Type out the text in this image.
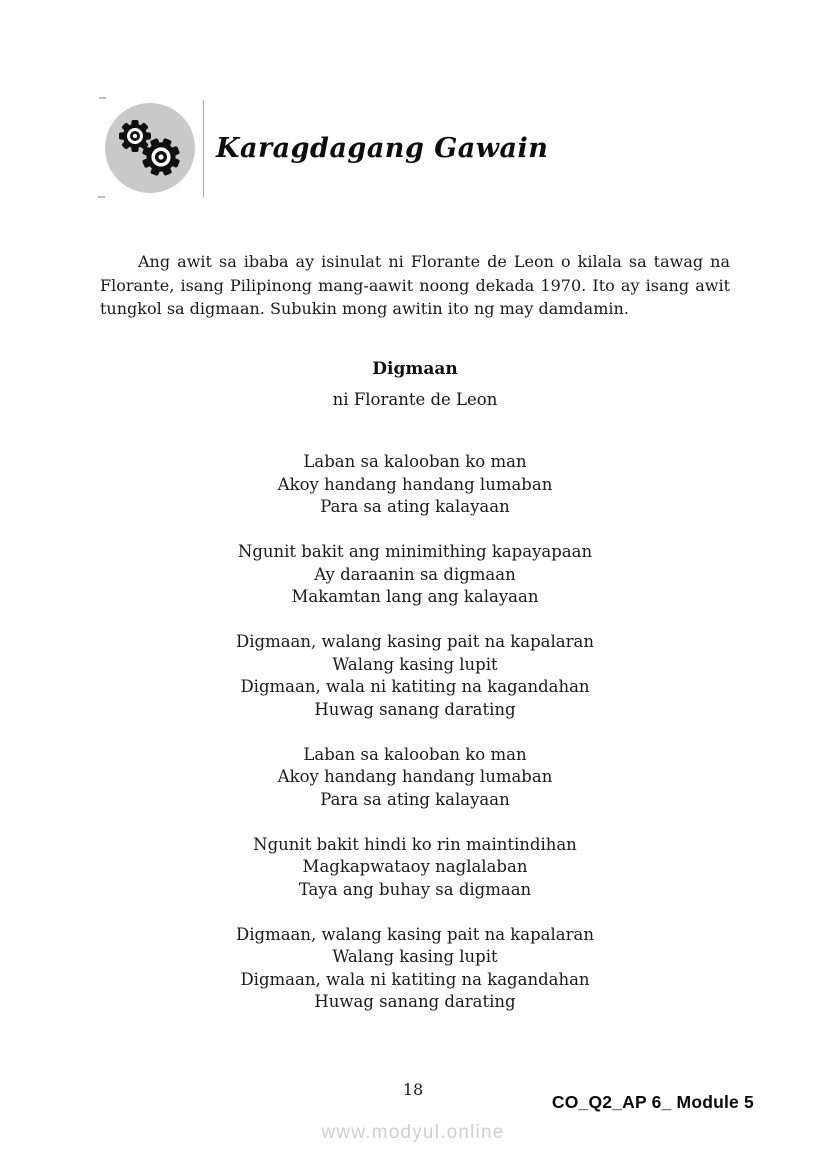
Karagdagang Gawain

Ang awit sa ibaba ay isinulat ni Florante de Leon o kilala sa tawag na Florante, isang Pilipinong mang-aawit noong dekada 1970. Ito ay isang awit tungkol sa digmaan. Subukin mong awitin ito ng may damdamin.

Digmaan
ni Florante de Leon
Laban sa kalooban ko man
Akoy handang handang lumaban
Para sa ating kalayaan
Ngunit bakit ang minimithing kapayapaan
Ay daraanin sa digmaan
Makamtan lang ang kalayaan
Digmaan, walang kasing pait na kapalaran
Walang kasing lupit
Digmaan, wala ni katiting na kagandahan
Huwag sanang darating
Laban sa kalooban ko man
Akoy handang handang lumaban
Para sa ating kalayaan
Ngunit bakit hindi ko rin maintindihan
Magkapwataoy naglalaban
Taya ang buhay sa digmaan
Digmaan, walang kasing pait na kapalaran
Walang kasing lupit
Digmaan, wala ni katiting na kagandahan
Huwag sanang darating
18
CO_Q2_AP 6_ Module 5
www.modyul.online
